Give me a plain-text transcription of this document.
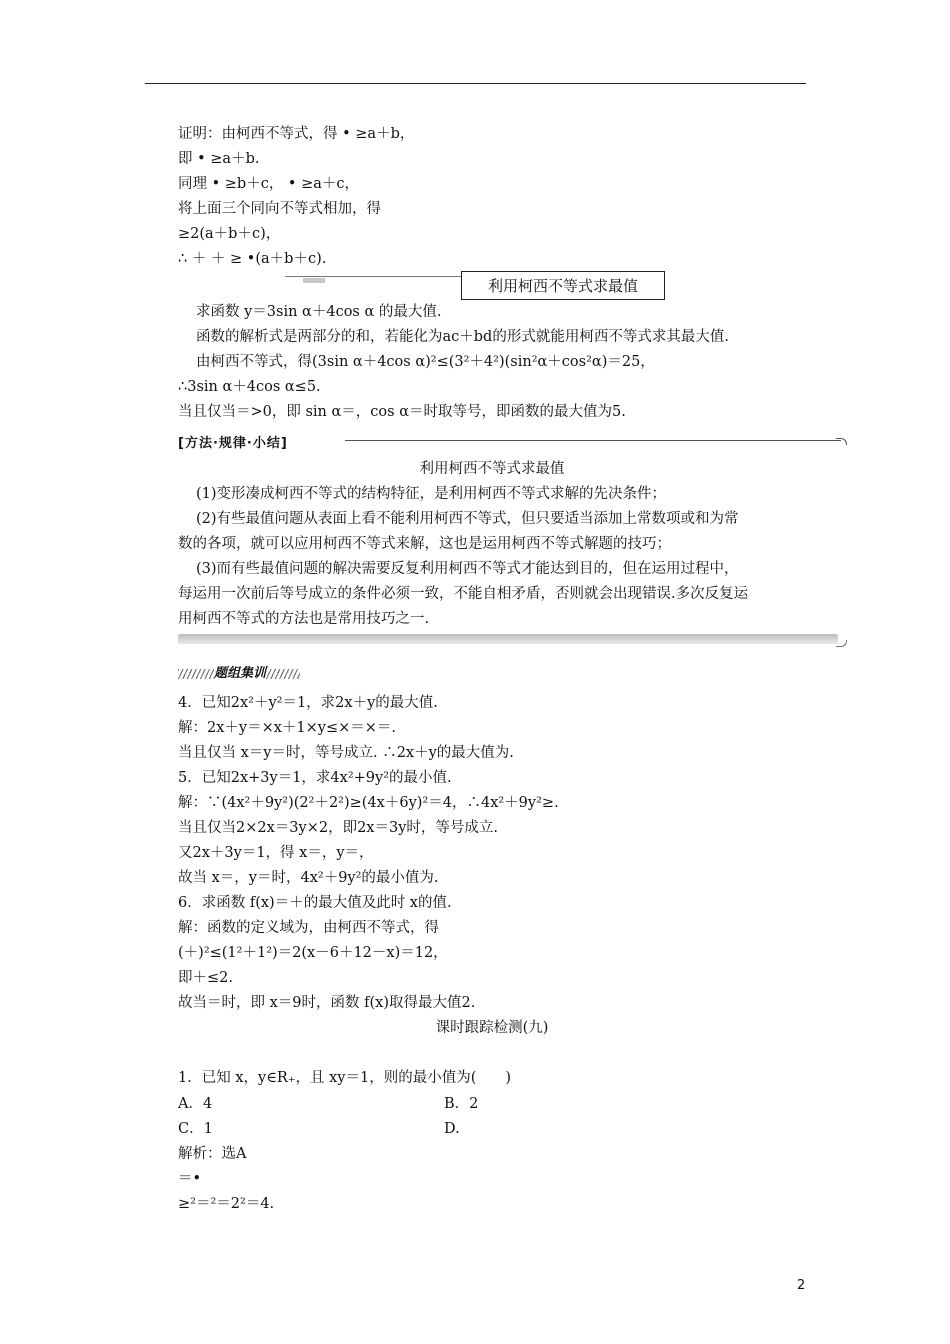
证明：由柯西不等式，得 • ≥a＋b，
即 • ≥a＋b.
同理 • ≥b＋c， • ≥a＋c，
将上面三个同向不等式相加，得
≥2(a＋b＋c)，
∴ ＋ ＋ ≥ •(a＋b＋c).
利用柯西不等式求最值
求函数 y＝3sin α＋4cos α 的最大值.
函数的解析式是两部分的和，若能化为ac＋bd的形式就能用柯西不等式求其最大值.
由柯西不等式，得(3sin α＋4cos α)²≤(3²＋4²)(sin²α＋cos²α)＝25，
∴3sin α＋4cos α≤5.
当且仅当＝>0，即 sin α＝，cos α＝时取等号，即函数的最大值为5.
[方法·规律·小结]
利用柯西不等式求最值
(1)变形凑成柯西不等式的结构特征，是利用柯西不等式求解的先决条件；
(2)有些最值问题从表面上看不能利用柯西不等式，但只要适当添加上常数项或和为常
数的各项，就可以应用柯西不等式来解，这也是运用柯西不等式解题的技巧；
(3)而有些最值问题的解决需要反复利用柯西不等式才能达到目的，但在运用过程中，
每运用一次前后等号成立的条件必须一致，不能自相矛盾，否则就会出现错误.多次反复运
用柯西不等式的方法也是常用技巧之一.
题组集训
4．已知2x²＋y²＝1，求2x＋y的最大值.
解：2x＋y＝×x＋1×y≤×＝×＝.
当且仅当 x＝y＝时，等号成立. ∴2x＋y的最大值为.
5．已知2x+3y＝1，求4x²+9y²的最小值.
解：∵(4x²＋9y²)(2²＋2²)≥(4x＋6y)²＝4，∴4x²＋9y²≥.
当且仅当2×2x＝3y×2，即2x＝3y时，等号成立.
又2x＋3y＝1，得 x＝，y＝，
故当 x＝，y＝时，4x²＋9y²的最小值为.
6．求函数 f(x)＝＋的最大值及此时 x的值.
解：函数的定义域为，由柯西不等式，得
(＋)²≤(1²＋1²)＝2(x－6＋12－x)＝12，
即＋≤2.
故当＝时，即 x＝9时，函数 f(x)取得最大值2.
课时跟踪检测(九)
1．已知 x，y∈R₊，且 xy＝1，则的最小值为(　　)
A．4	B．2
C．1	D.
解析：选A
＝•
≥²＝²＝2²＝4.
2
